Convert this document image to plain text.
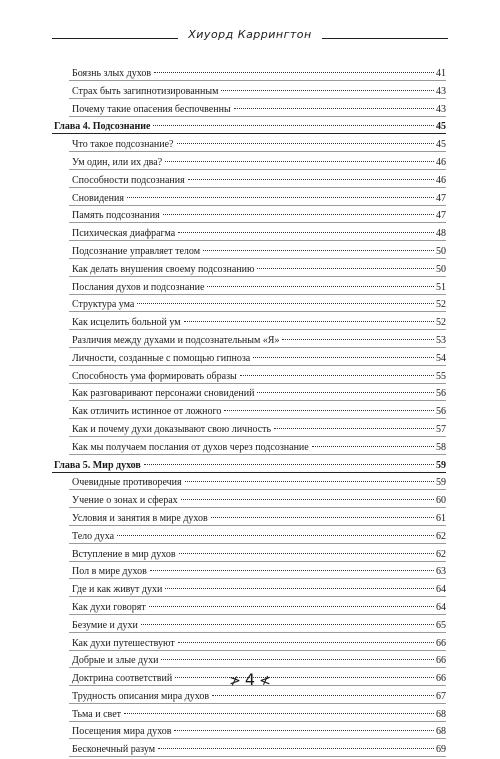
Хиуорд Каррингтон
Боязнь злых духов	41
Страх быть загипнотизированным	43
Почему такие опасения беспочвенны	43
Глава 4. Подсознание	45
Что такое подсознание?	45
Ум один, или их два?	46
Способности подсознания	46
Сновидения	47
Память подсознания	47
Психическая диафрагма	48
Подсознание управляет телом	50
Как делать внушения своему подсознанию	50
Послания духов и подсознание	51
Структура ума	52
Как исцелить больной ум	52
Различия между духами и подсознательным «Я»	53
Личности, созданные с помощью гипноза	54
Способность ума формировать образы	55
Как разговаривают персонажи сновидений	56
Как отличить истинное от ложного	56
Как и почему духи доказывают свою личность	57
Как мы получаем послания от духов через подсознание	58
Глава 5. Мир духов	59
Очевидные противоречия	59
Учение о зонах и сферах	60
Условия и занятия в мире духов	61
Тело духа	62
Вступление в мир духов	62
Пол в мире духов	63
Где и как живут духи	64
Как духи говорят	64
Безумие и духи	65
Как духи путешествуют	66
Добрые и злые духи	66
Доктрина соответствий	66
Трудность описания мира духов	67
Тьма и свет	68
Посещения мира духов	68
Бесконечный разум	69
≯ 4 ≮
